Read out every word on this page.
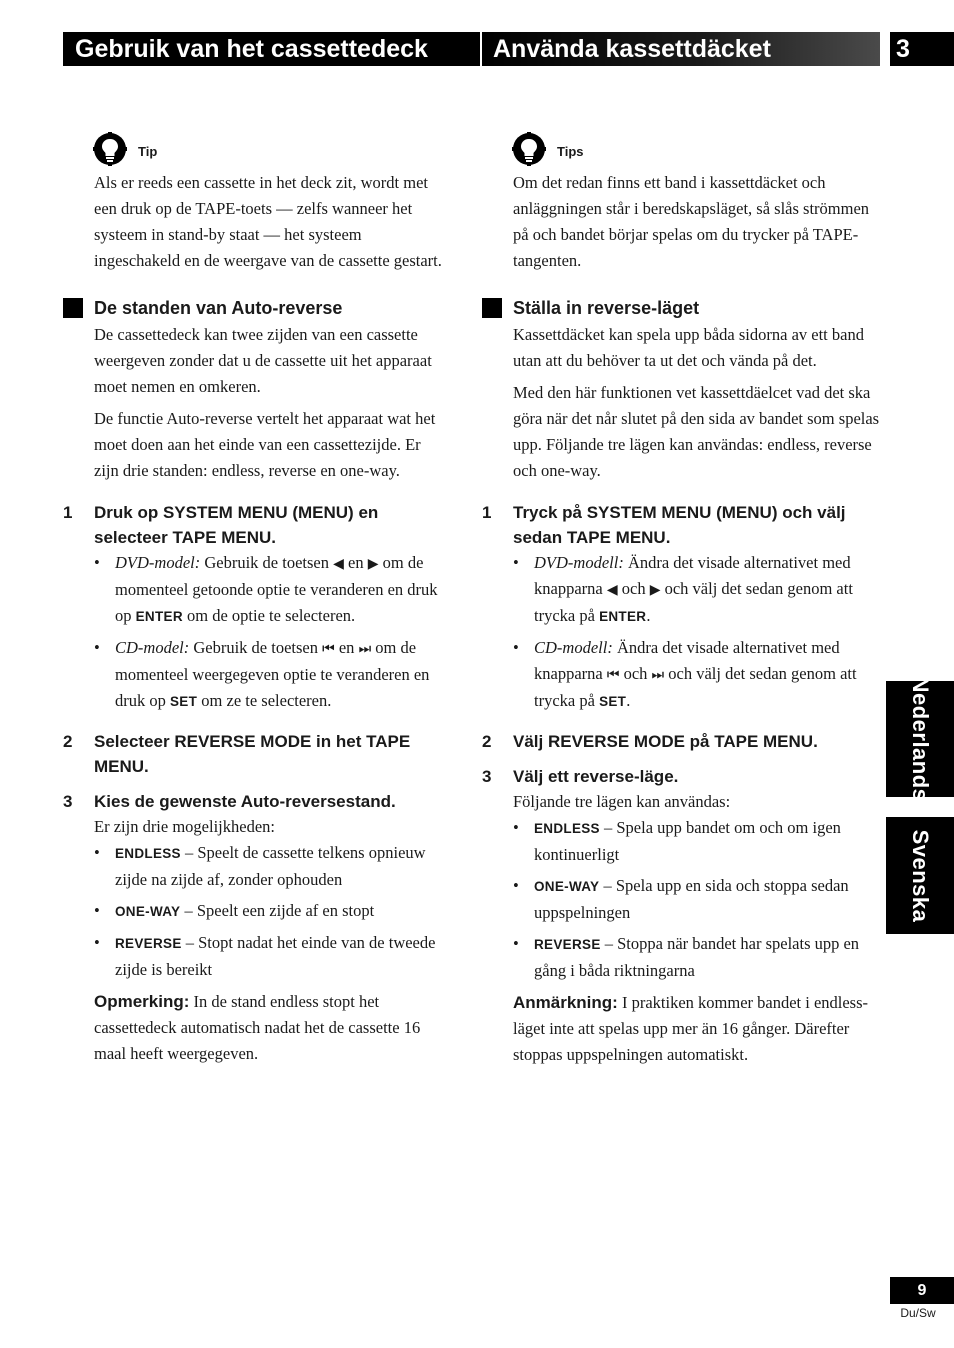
Gebruik van het cassettedeck	Använda kassettdäcket	3
Tip

Als er reeds een cassette in het deck zit, wordt met een druk op de TAPE-toets — zelfs wanneer het systeem in stand-by staat — het systeem ingeschakeld en de weergave van de cassette gestart.

De standen van Auto-reverse

De cassettedeck kan twee zijden van een cassette weergeven zonder dat u de cassette uit het apparaat moet nemen en omkeren.

De functie Auto-reverse vertelt het apparaat wat het moet doen aan het einde van een cassettezijde. Er zijn drie standen: endless, reverse en one-way.

1 Druk op SYSTEM MENU (MENU) en selecteer TAPE MENU.
• DVD-model: Gebruik de toetsen ◀ en ▶ om de momenteel getoonde optie te veranderen en druk op ENTER om de optie te selecteren.
• CD-model: Gebruik de toetsen ⏮ en ⏭ om de momenteel weergegeven optie te veranderen en druk op SET om ze te selecteren.
2 Selecteer REVERSE MODE in het TAPE MENU.
3 Kies de gewenste Auto-reversestand.
Er zijn drie mogelijkheden:
• ENDLESS – Speelt de cassette telkens opnieuw zijde na zijde af, zonder ophouden
• ONE-WAY – Speelt een zijde af en stopt
• REVERSE – Stopt nadat het einde van de tweede zijde is bereikt

Opmerking: In de stand endless stopt het cassettedeck automatisch nadat het de cassette 16 maal heeft weergegeven.

Tips

Om det redan finns ett band i kassettdäcket och anläggningen står i beredskapsläget, så slås strömmen på och bandet börjar spelas om du trycker på TAPE-tangenten.

Ställa in reverse-läget

Kassettdäcket kan spela upp båda sidorna av ett band utan att du behöver ta ut det och vända på det.

Med den här funktionen vet kassettdäelcet vad det ska göra när det når slutet på den sida av bandet som spelas upp. Följande tre lägen kan användas: endless, reverse och one-way.

1 Tryck på SYSTEM MENU (MENU) och välj sedan TAPE MENU.
• DVD-modell: Ändra det visade alternativet med knapparna ◀ och ▶ och välj det sedan genom att trycka på ENTER.
• CD-modell: Ändra det visade alternativet med knapparna ⏮ och ⏭ och välj det sedan genom att trycka på SET.
2 Välj REVERSE MODE på TAPE MENU.
3 Välj ett reverse-läge.
Följande tre lägen kan användas:
• ENDLESS – Spela upp bandet om och om igen kontinuerligt
• ONE-WAY – Spela upp en sida och stoppa sedan uppspelningen
• REVERSE – Stoppa när bandet har spelats upp en gång i båda riktningarna

Anmärkning: I praktiken kommer bandet i endless-läget inte att spelas upp mer än 16 gånger. Därefter stoppas uppspelningen automatiskt.

Nederlands
Svenska
9
Du/Sw
